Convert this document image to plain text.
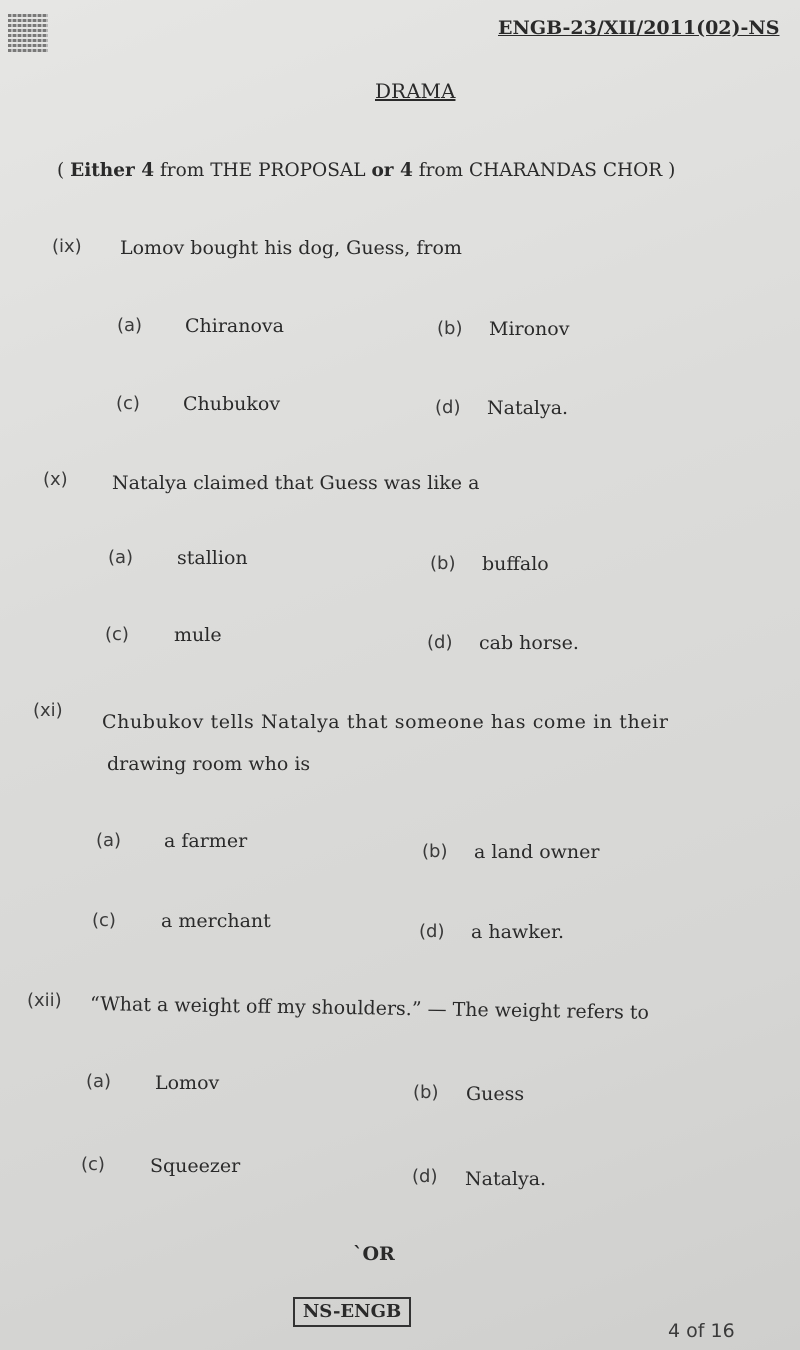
ENGB-23/XII/2011(02)-NS
DRAMA
( Either 4 from THE PROPOSAL or 4 from CHARANDAS CHOR )
(ix) Lomov bought his dog, Guess, from
(a) Chiranova	(b) Mironov
(c) Chubukov	(d) Natalya.
(x) Natalya claimed that Guess was like a
(a) stallion	(b) buffalo
(c) mule	(d) cab horse.
(xi)
Chubukov tells Natalya that someone has come in their
drawing room who is
(a) a farmer	(b) a land owner
(c) a merchant	(d) a hawker.
(xii) “What a weight off my shoulders.” — The weight refers to
(a) Lomov	(b) Guess
(c) Squeezer	(d) Natalya.
`OR
NS-ENGB
4 of 16
